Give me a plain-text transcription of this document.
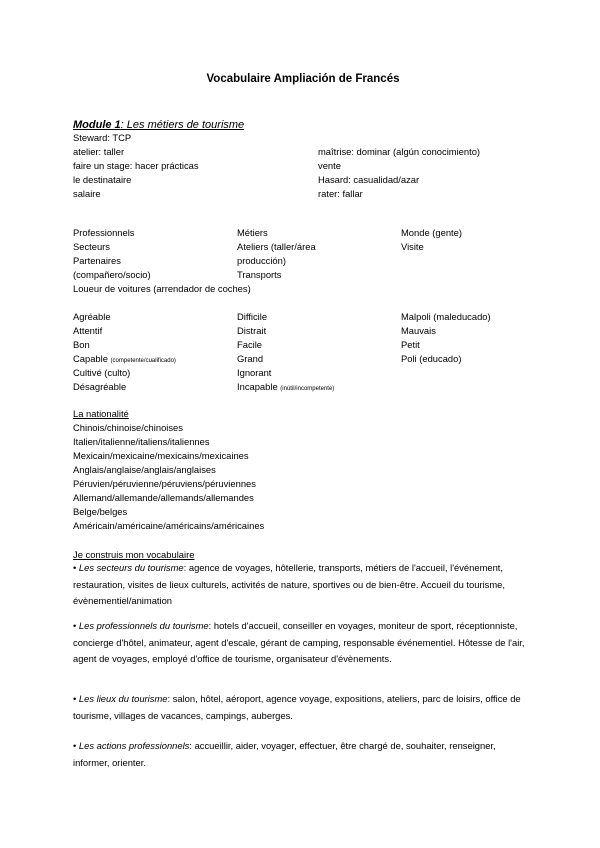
Vocabulaire Ampliación de Francés
Module 1: Les métiers de tourisme
Steward: TCP
atelier: taller
faire un stage: hacer prácticas
le destinataire
salaire
maîtrise: dominar (algún conocimiento)
vente
Hasard: casualidad/azar
rater: fallar
Professionnels
Secteurs
Partenaires
(compañero/socio)
Loueur de voitures (arrendador de coches)
Métiers
Ateliers (taller/área
producción)
Transports
Monde (gente)
Visite
Agréable
Attentif
Bon
Capable (competente/cualificado)
Cultivé (culto)
Désagréable
Difficile
Distrait
Facile
Grand
Ignorant
Incapable (inútil/incompetente)
Malpoli (maleducado)
Mauvais
Petit
Poli (educado)
La nationalité
Chinois/chinoise/chinoises
Italien/italienne/italiens/italiennes
Mexicain/mexicaine/mexicains/mexicaines
Anglais/anglaise/anglais/anglaises
Péruvien/péruvienne/péruviens/péruviennes
Allemand/allemande/allemands/allemandes
Belge/belges
Américain/américaine/américains/américaines
Je construis mon vocabulaire
• Les secteurs du tourisme: agence de voyages, hôtellerie, transports, métiers de l'accueil, l'événement, restauration, visites de lieux culturels, activités de nature, sportives ou de bien-être. Accueil du tourisme, évènementiel/animation
• Les professionnels du tourisme: hotels d'accueil, conseiller en voyages, moniteur de sport, réceptionniste, concierge d'hôtel, animateur, agent d'escale, gérant de camping, responsable événementiel. Hôtesse de l'air, agent de voyages, employé d'office de tourisme, organisateur d'évènements.
• Les lieux du tourisme: salon, hôtel, aéroport, agence voyage, expositions, ateliers, parc de loisirs, office de tourisme, villages de vacances, campings, auberges.
• Les actions professionnels: accueillir, aider, voyager, effectuer, être chargé de, souhaiter, renseigner, informer, orienter.
